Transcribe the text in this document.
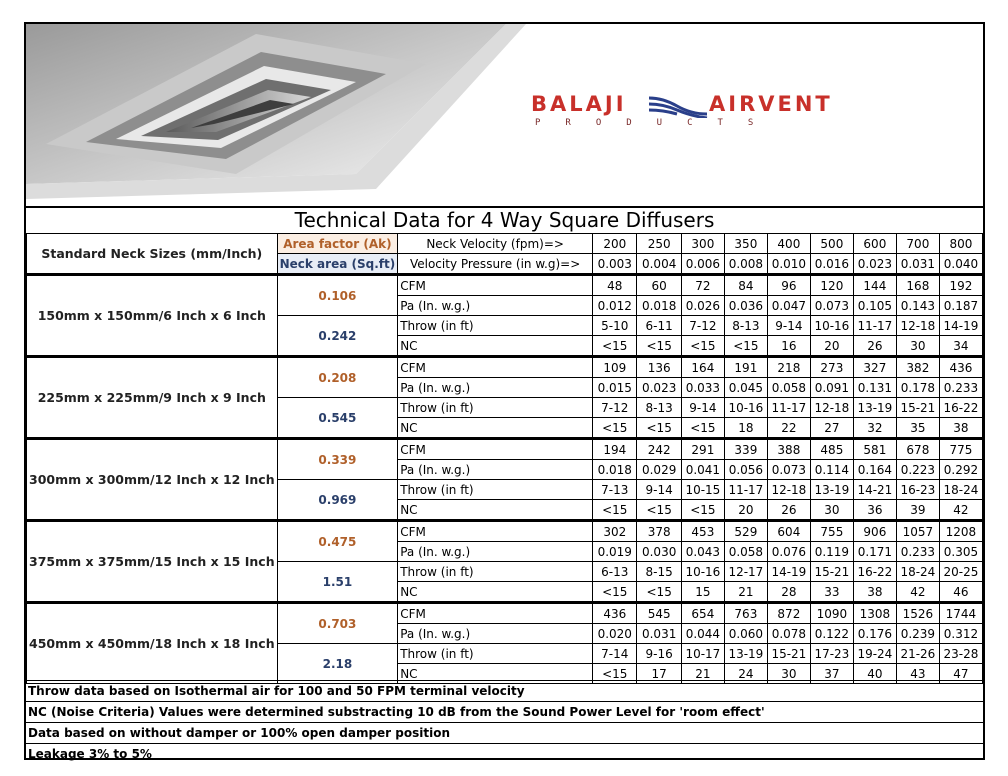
BALAJI	AIRVENT
PRODUCTS
Technical Data for 4 Way Square Diffusers
Standard Neck Sizes (mm/Inch)	Area factor (Ak)	Neck Velocity (fpm)=>	200	250	300	350	400	500	600	700	800
	Neck area (Sq.ft)	Velocity Pressure (in w.g)=>	0.003	0.004	0.006	0.008	0.010	0.016	0.023	0.031	0.040
150mm x 150mm/6 Inch x 6 Inch	0.106	CFM	48	60	72	84	96	120	144	168	192
		Pa (In. w.g.)	0.012	0.018	0.026	0.036	0.047	0.073	0.105	0.143	0.187
	0.242	Throw (in ft)	5-10	6-11	7-12	8-13	9-14	10-16	11-17	12-18	14-19
		NC	<15	<15	<15	<15	16	20	26	30	34
225mm x 225mm/9 Inch x 9 Inch	0.208	CFM	109	136	164	191	218	273	327	382	436
		Pa (In. w.g.)	0.015	0.023	0.033	0.045	0.058	0.091	0.131	0.178	0.233
	0.545	Throw (in ft)	7-12	8-13	9-14	10-16	11-17	12-18	13-19	15-21	16-22
		NC	<15	<15	<15	18	22	27	32	35	38
300mm x 300mm/12 Inch x 12 Inch	0.339	CFM	194	242	291	339	388	485	581	678	775
		Pa (In. w.g.)	0.018	0.029	0.041	0.056	0.073	0.114	0.164	0.223	0.292
	0.969	Throw (in ft)	7-13	9-14	10-15	11-17	12-18	13-19	14-21	16-23	18-24
		NC	<15	<15	<15	20	26	30	36	39	42
375mm x 375mm/15 Inch x 15 Inch	0.475	CFM	302	378	453	529	604	755	906	1057	1208
		Pa (In. w.g.)	0.019	0.030	0.043	0.058	0.076	0.119	0.171	0.233	0.305
	1.51	Throw (in ft)	6-13	8-15	10-16	12-17	14-19	15-21	16-22	18-24	20-25
		NC	<15	<15	15	21	28	33	38	42	46
450mm x 450mm/18 Inch x 18 Inch	0.703	CFM	436	545	654	763	872	1090	1308	1526	1744
		Pa (In. w.g.)	0.020	0.031	0.044	0.060	0.078	0.122	0.176	0.239	0.312
	2.18	Throw (in ft)	7-14	9-16	10-17	13-19	15-21	17-23	19-24	21-26	23-28
		NC	<15	17	21	24	30	37	40	43	47
Throw data based on Isothermal air for 100 and 50 FPM terminal velocity
NC (Noise Criteria) Values were determined substracting 10 dB from the Sound Power Level for 'room effect'
Data based on without damper or 100% open damper position
Leakage 3% to 5%
